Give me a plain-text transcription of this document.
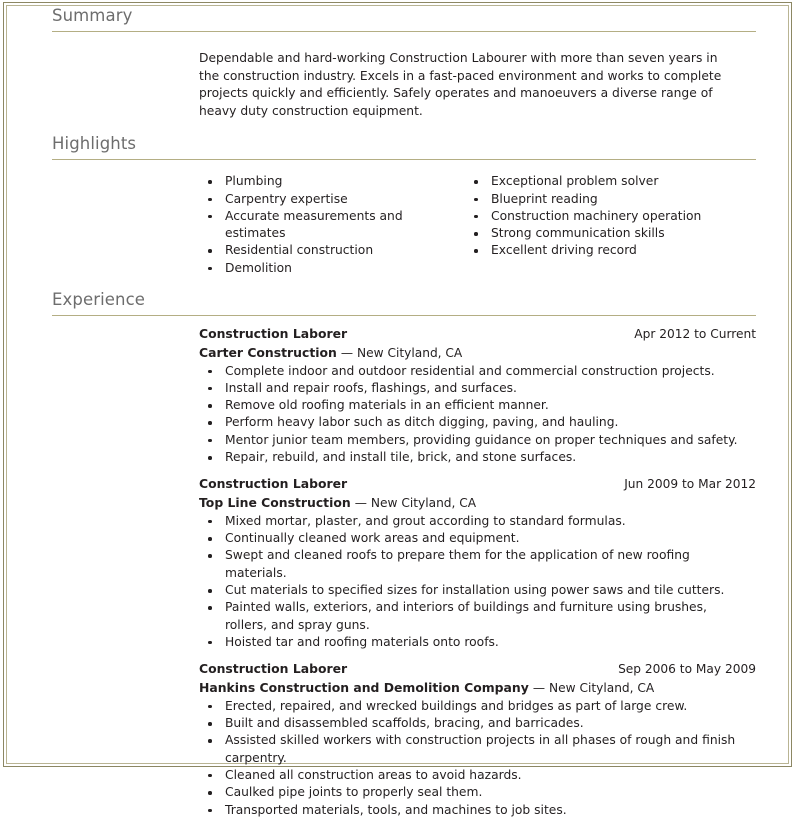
Summary

Dependable and hard-working Construction Labourer with more than seven years in the construction industry. Excels in a fast-paced environment and works to complete projects quickly and efficiently. Safely operates and manoeuvers a diverse range of heavy duty construction equipment.

Highlights
Plumbing
Carpentry expertise
Accurate measurements and estimates
Residential construction
Demolition
Exceptional problem solver
Blueprint reading
Construction machinery operation
Strong communication skills
Excellent driving record
Experience
Construction Laborer	Apr 2012 to Current
Carter Construction — New Cityland, CA
Complete indoor and outdoor residential and commercial construction projects.
Install and repair roofs, flashings, and surfaces.
Remove old roofing materials in an efficient manner.
Perform heavy labor such as ditch digging, paving, and hauling.
Mentor junior team members, providing guidance on proper techniques and safety.
Repair, rebuild, and install tile, brick, and stone surfaces.
Construction Laborer	Jun 2009 to Mar 2012
Top Line Construction — New Cityland, CA
Mixed mortar, plaster, and grout according to standard formulas.
Continually cleaned work areas and equipment.
Swept and cleaned roofs to prepare them for the application of new roofing materials.
Cut materials to specified sizes for installation using power saws and tile cutters.
Painted walls, exteriors, and interiors of buildings and furniture using brushes, rollers, and spray guns.
Hoisted tar and roofing materials onto roofs.
Construction Laborer	Sep 2006 to May 2009
Hankins Construction and Demolition Company — New Cityland, CA
Erected, repaired, and wrecked buildings and bridges as part of large crew.
Built and disassembled scaffolds, bracing, and barricades.
Assisted skilled workers with construction projects in all phases of rough and finish carpentry.
Cleaned all construction areas to avoid hazards.
Caulked pipe joints to properly seal them.
Transported materials, tools, and machines to job sites.
